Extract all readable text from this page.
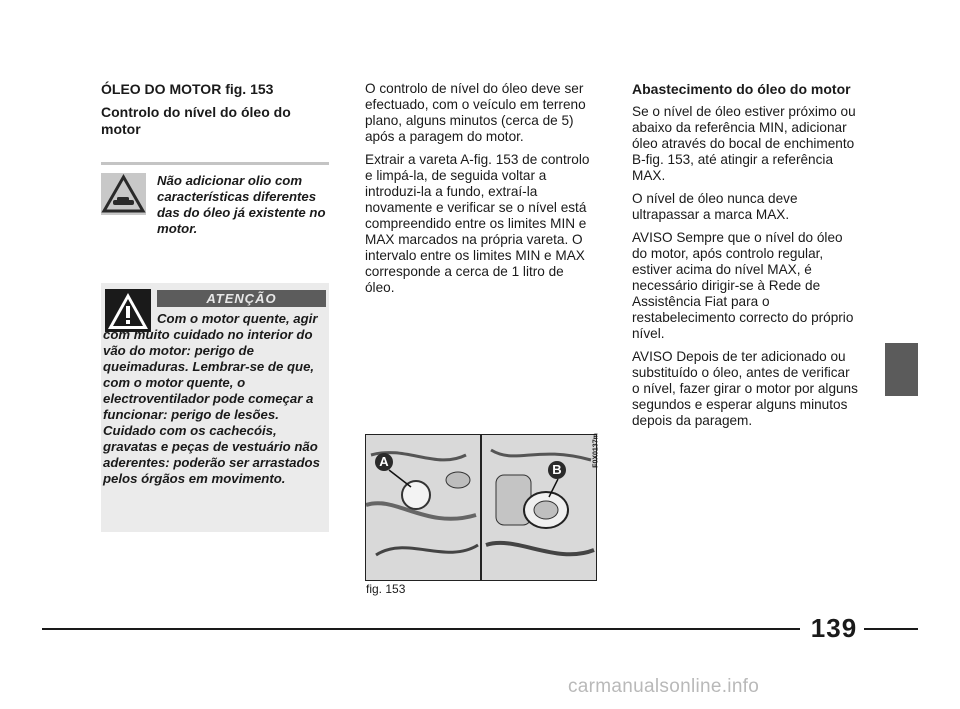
ÓLEO DO MOTOR fig. 153
Controlo do nível do óleo do motor
Não adicionar olio com características diferentes das do óleo já existente no motor.
ATENÇÃO
Com o motor quente, agir com muito cuidado no interior do vão do motor: perigo de queimaduras. Lembrar-se de que, com o motor quente, o electroventilador pode começar a funcionar: perigo de lesões. Cuidado com os cachecóis, gravatas e peças de vestuário não aderentes: poderão ser arrastados pelos órgãos em movimento.

O controlo de nível do óleo deve ser efectuado, com o veículo em terreno plano, alguns minutos (cerca de 5) após a paragem do motor.

Extrair a vareta A-fig. 153 de controlo e limpá-la, de seguida voltar a introduzi-la a fundo, extraí-la novamente e verificar se o nível está compreendido entre os limites MIN e MAX marcados na própria vareta. O intervalo entre os limites MIN e MAX corresponde a cerca de 1 litro de óleo.

A
B
F0X0137m
fig. 153
Abastecimento do óleo do motor

Se o nível de óleo estiver próximo ou abaixo da referência MIN, adicionar óleo através do bocal de enchimento B-fig. 153, até atingir a referência MAX.

O nível de óleo nunca deve ultrapassar a marca MAX.

AVISO Sempre que o nível do óleo do motor, após controlo regular, estiver acima do nível MAX, é necessário dirigir-se à Rede de Assistência Fiat para o restabelecimento correcto do próprio nível.

AVISO Depois de ter adicionado ou substituído o óleo, antes de verificar o nível, fazer girar o motor por alguns segundos e esperar alguns minutos depois da paragem.

139
carmanualsonline.info
